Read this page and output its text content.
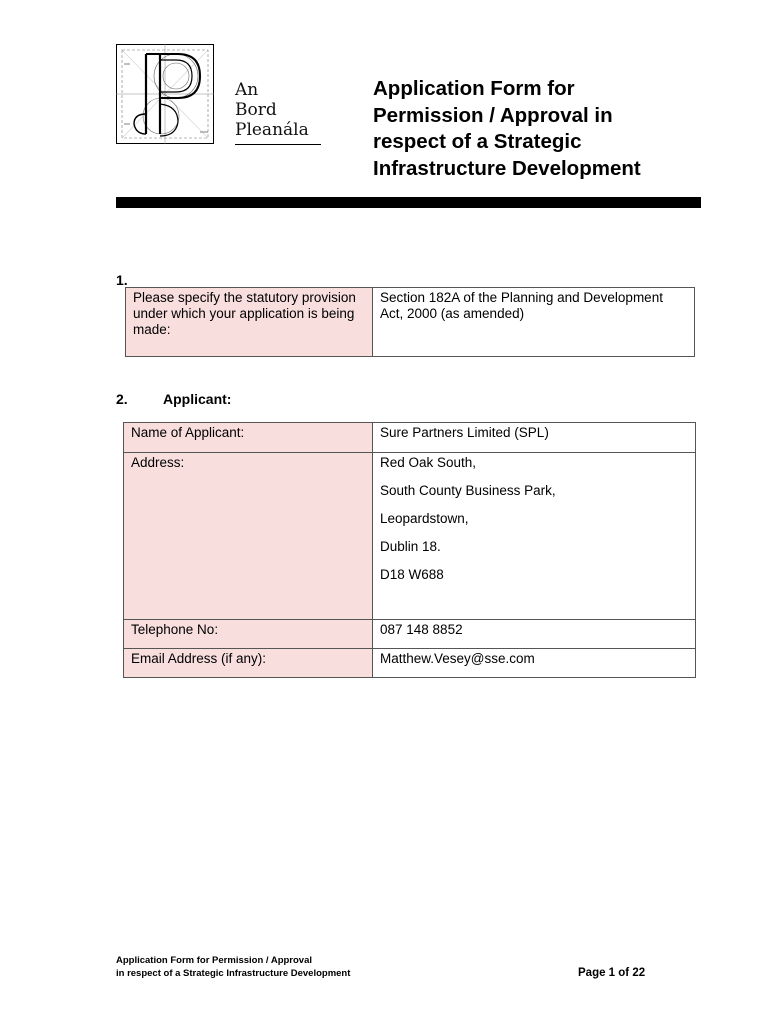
An
Bord
Pleanála
Application Form for
Permission / Approval in
respect of a Strategic
Infrastructure Development
1.
Please specify the statutory provision under which your application is being made:	Section 182A of the Planning and Development Act, 2000 (as amended)
2.	Applicant:
Name of Applicant:	Sure Partners Limited (SPL)
Address:	Red Oak South,
South County Business Park,
Leopardstown,
Dublin 18.
D18 W688

Telephone No:	087 148 8852
Email Address (if any):	Matthew.Vesey@sse.com
Application Form for Permission / Approval
in respect of a Strategic Infrastructure Development	Page 1 of 22
